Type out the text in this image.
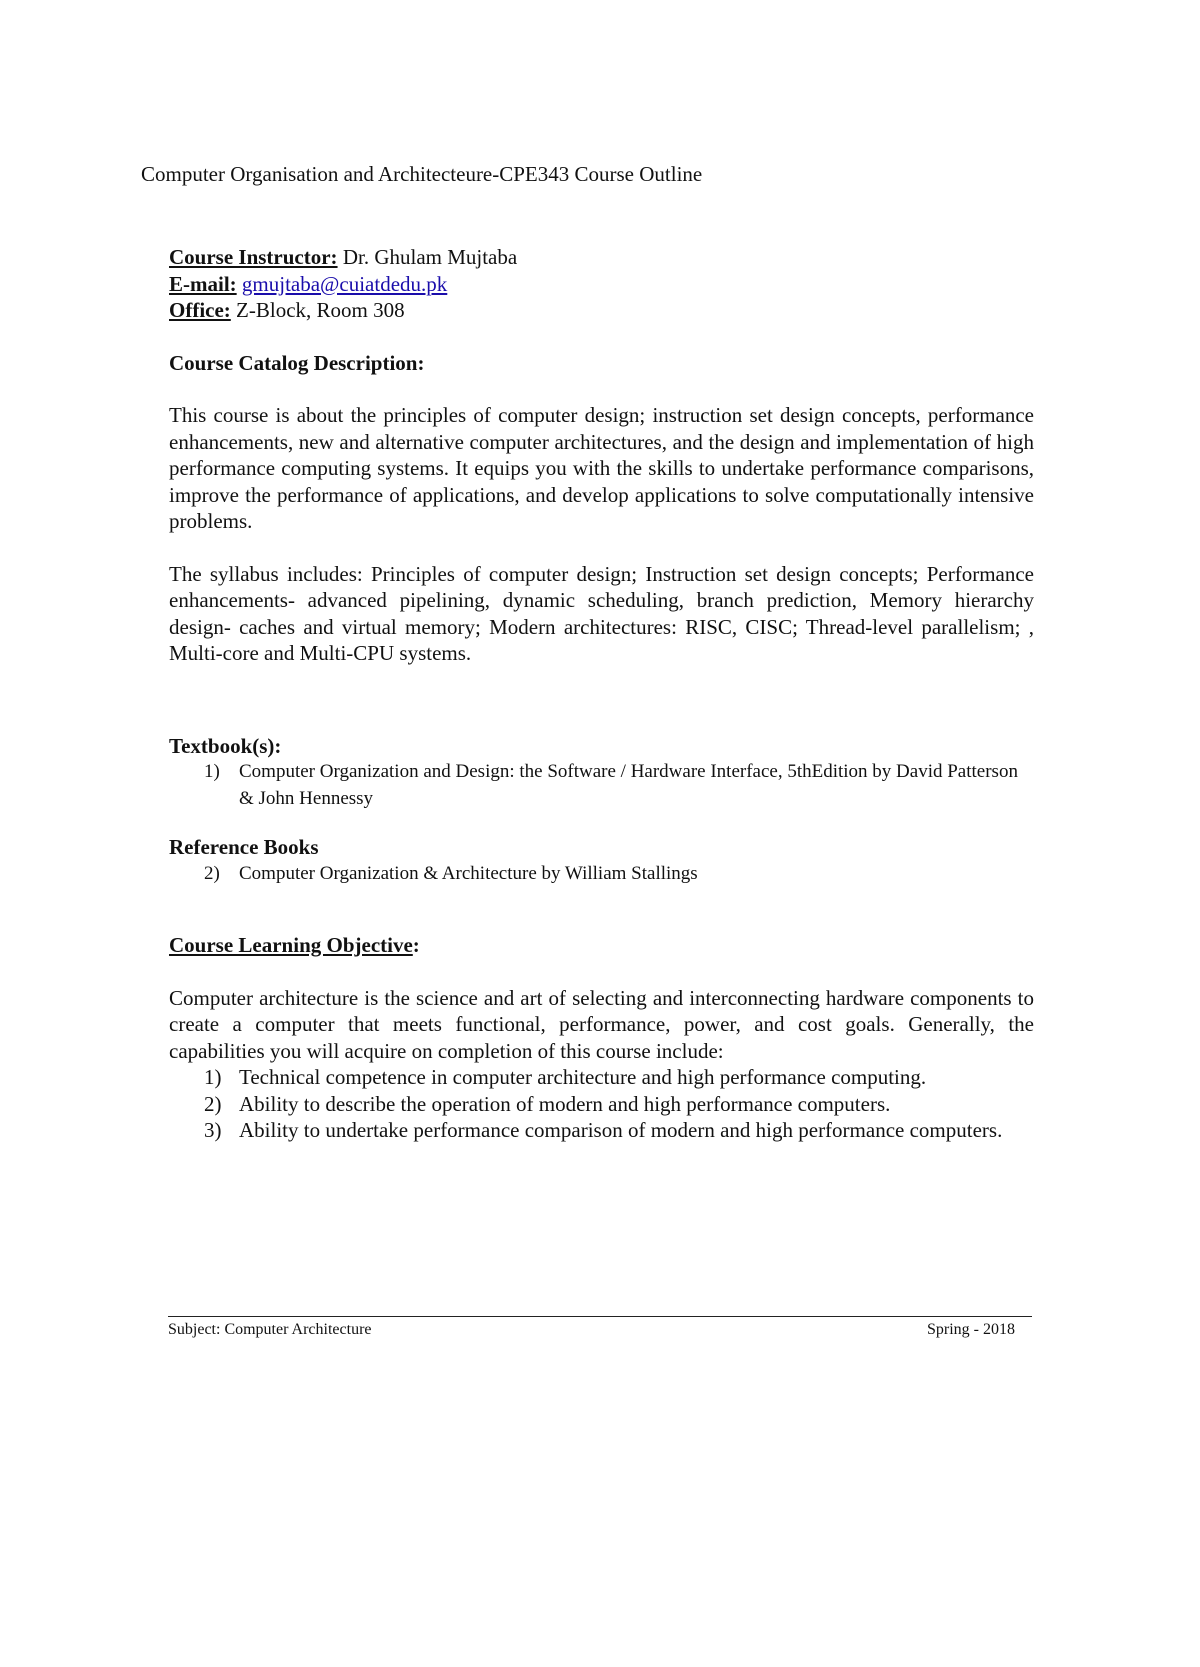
Computer Organisation and Architecteure-CPE343 Course Outline

Course Instructor: Dr. Ghulam Mujtaba

E-mail: gmujtaba@cuiatdedu.pk

Office: Z-Block, Room 308

Course Catalog Description:

This course is about the principles of computer design; instruction set design concepts, performance enhancements, new and alternative computer architectures, and the design and implementation of high performance computing systems. It equips you with the skills to undertake performance comparisons, improve the performance of applications, and develop applications to solve computationally intensive problems.

The syllabus includes: Principles of computer design; Instruction set design concepts; Performance enhancements- advanced pipelining, dynamic scheduling, branch prediction, Memory hierarchy design- caches and virtual memory; Modern architectures: RISC, CISC; Thread-level parallelism; , Multi-core and Multi-CPU systems.

Textbook(s):

1) Computer Organization and Design: the Software / Hardware Interface, 5thEdition by David Patterson & John Hennessy

Reference Books

2) Computer Organization & Architecture by William Stallings

Course Learning Objective:

Computer architecture is the science and art of selecting and interconnecting hardware components to create a computer that meets functional, performance, power, and cost goals. Generally, the capabilities you will acquire on completion of this course include:

1) Technical competence in computer architecture and high performance computing.
2) Ability to describe the operation of modern and high performance computers.
3) Ability to undertake performance comparison of modern and high performance computers.
Subject: Computer Architecture	Spring - 2018
